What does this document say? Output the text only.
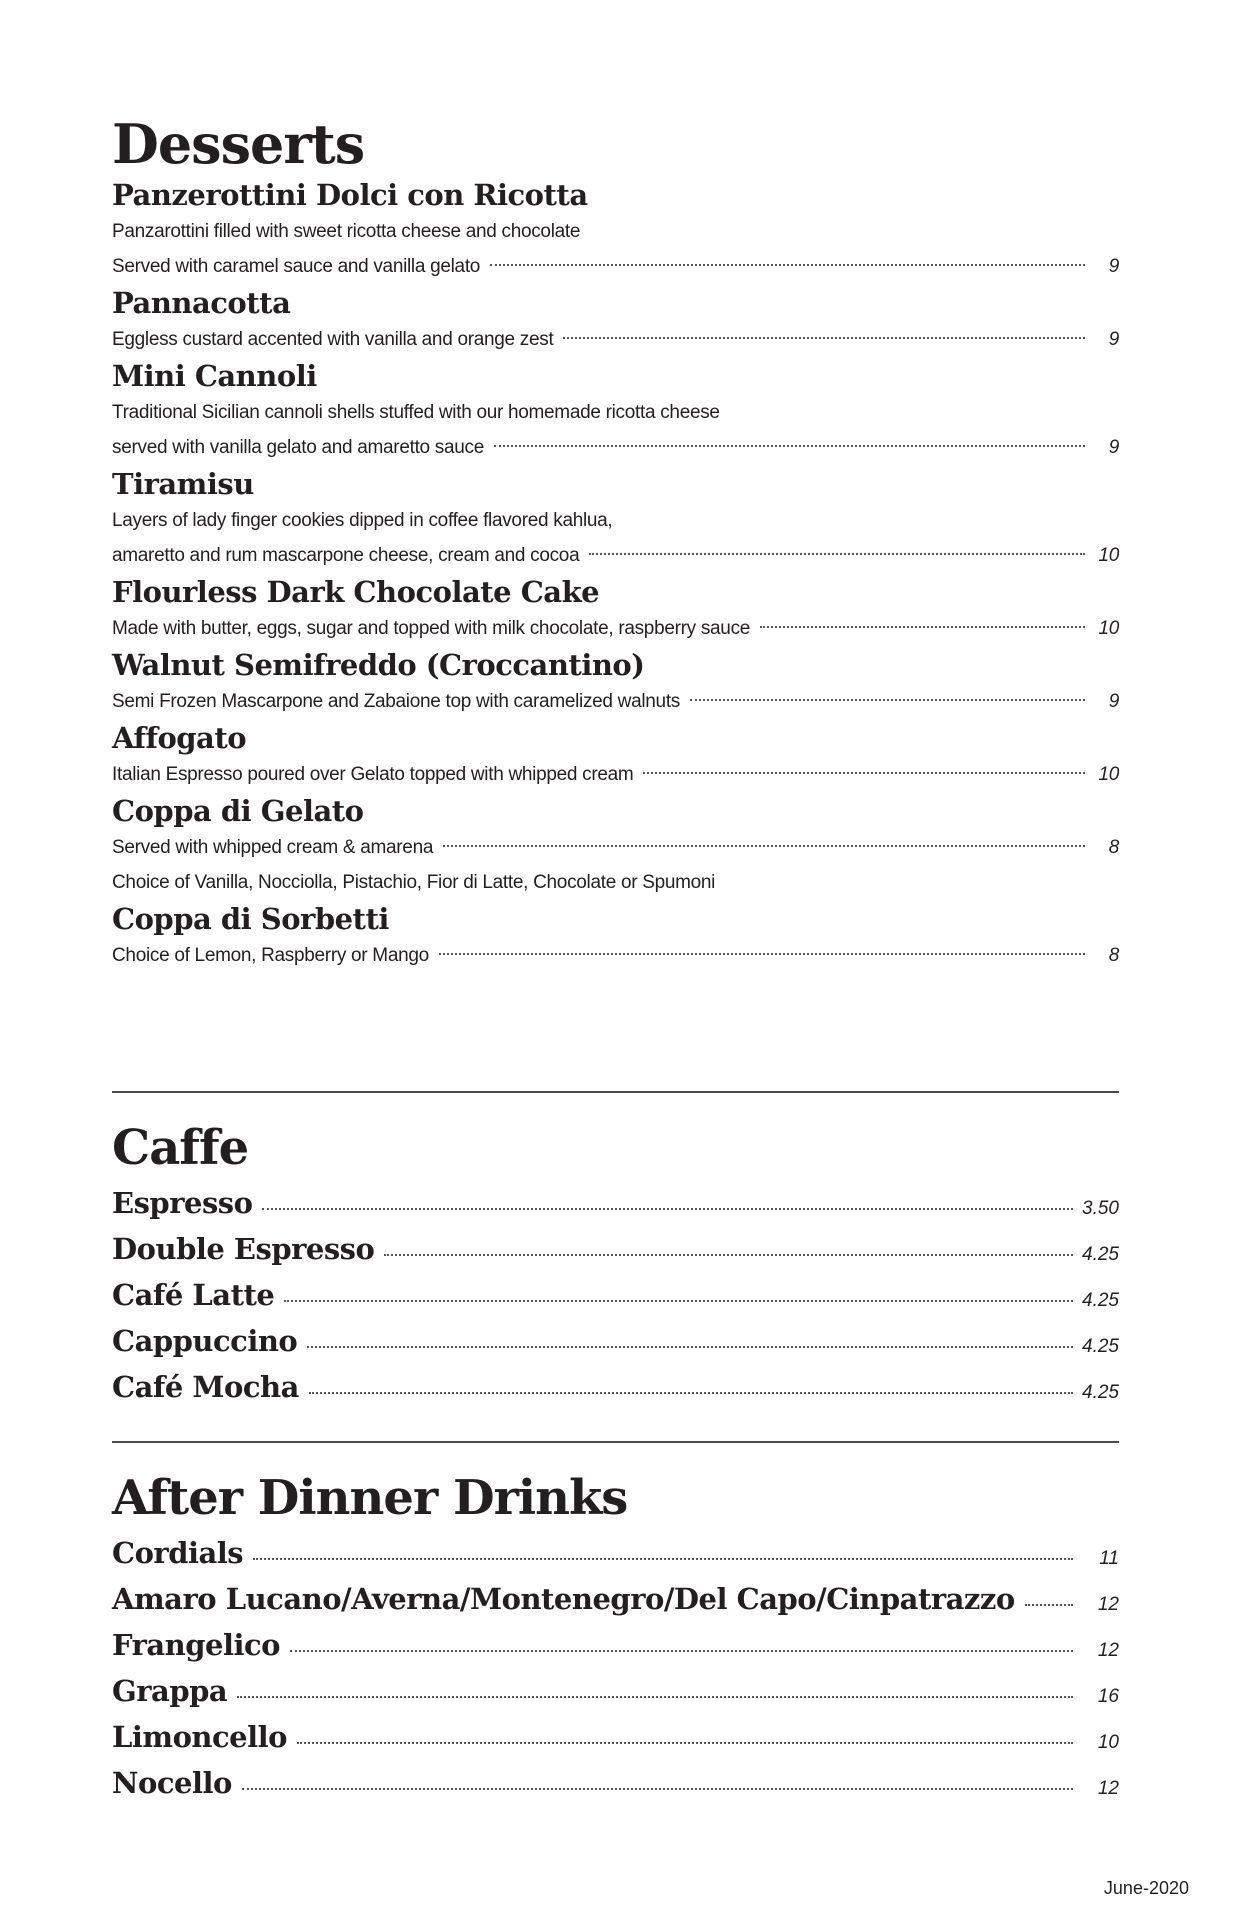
Desserts
Panzerottini Dolci con Ricotta
Panzarottini filled with sweet ricotta cheese and chocolate
Served with caramel sauce and vanilla gelato	9
Pannacotta
Eggless custard accented with vanilla and orange zest	9
Mini Cannoli
Traditional Sicilian cannoli shells stuffed with our homemade ricotta cheese
served with vanilla gelato and amaretto sauce	9
Tiramisu
Layers of lady finger cookies dipped in coffee flavored kahlua,
amaretto and rum mascarpone cheese, cream and cocoa	10
Flourless Dark Chocolate Cake
Made with butter, eggs, sugar and topped with milk chocolate, raspberry sauce	10
Walnut Semifreddo (Croccantino)
Semi Frozen Mascarpone and Zabaione top with caramelized walnuts	9
Affogato
Italian Espresso poured over Gelato topped with whipped cream	10
Coppa di Gelato
Served with whipped cream & amarena	8
Choice of Vanilla, Nocciolla, Pistachio, Fior di Latte, Chocolate or Spumoni
Coppa di Sorbetti
Choice of Lemon, Raspberry or Mango	8
Caffe
Espresso	3.50
Double Espresso	4.25
Café Latte	4.25
Cappuccino	4.25
Café Mocha	4.25
After Dinner Drinks
Cordials	11
Amaro Lucano/Averna/Montenegro/Del Capo/Cinpatrazzo	12
Frangelico	12
Grappa	16
Limoncello	10
Nocello	12
June-2020
